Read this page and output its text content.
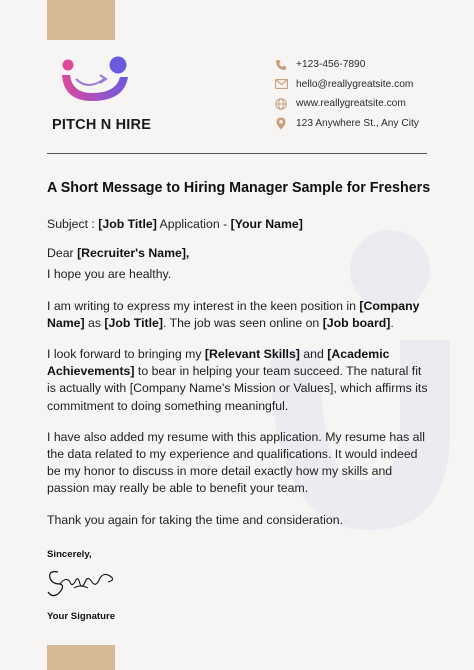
PITCH N HIRE
+123-456-7890
hello@reallygreatsite.com
www.reallygreatsite.com
123 Anywhere St., Any City
A Short Message to Hiring Manager Sample for Freshers

Subject : [Job Title] Application - [Your Name]

Dear [Recruiter's Name],

I hope you are healthy.

I am writing to express my interest in the keen position in [Company Name] as [Job Title]. The job was seen online on [Job board].

I look forward to bringing my [Relevant Skills] and [Academic Achievements] to bear in helping your team succeed. The natural fit is actually with [Company Name's Mission or Values], which affirms its commitment to doing something meaningful.

I have also added my resume with this application. My resume has all the data related to my experience and qualifications. It would indeed be my honor to discuss in more detail exactly how my skills and passion may really be able to benefit your team.

Thank you again for taking the time and consideration.

Sincerely,
Your Signature
